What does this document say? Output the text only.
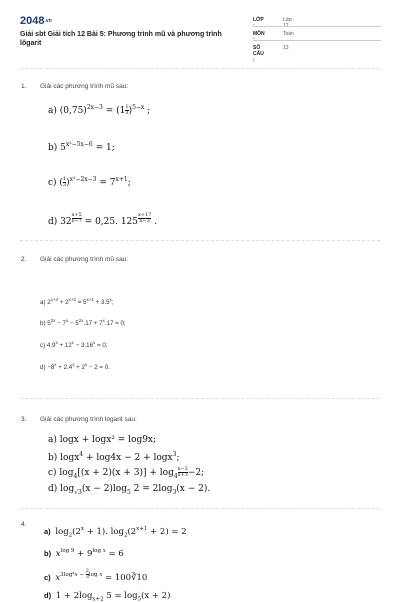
2048.vn
Giải sbt Giải tích 12 Bài 5: Phương trình mũ và phương trình lôgarit
LỚP :
Lớp 12
MÔN :
Toán
SỐ CÂU :
13
1. Giải các phương trình mũ sau:
a) $(0,75)^{2x-3} = (1 \frac{1}{3} )^{5-x}$ ;
b) $5^{x^2-5x-6} = 1$;
c) ( $\frac{1}{3} )^{x^2-2x-3} = 7^{x+1}$;
d) 32 $^{\frac{x+5}{x-7}}$ = 0,25. 125 $^{\frac{x+17}{x-3}}$ .
2. Giải các phương trình mũ sau:
a) $2^{x+4} + 2^{x+2} = 5^{x+1} + 3.5^x$;
b) $5^{2x} - 7^x - 5^{2x}.17 + 7^x.17 = 0$;
c) $4.9^x + 12^x - 3.16^x = 0$;
$d) -8^x + 2.4^x + 2^x - 2 = 0$.
3. Giải các phương trình logarit sau:
a) logx + logx² = log9x;
b) logx$^4$ + log4x − 2 + logx$^3$;
c) $\log_4[(x + 2)(x + 3)] + \log_4 \frac{x-2}{x+3} -2$;
d) $\log_{√3}(x - 2)\log_5$ $2 = 2\log_3(x - 2)$.
4.
a) $\log_2(2^x + 1)$. $\log_2(2^{x+1} + 2) = 2$
b) $x^{log 9} + 9^{log x} = 6$
c) $x^{3log^3x - \frac{2}{3} log x}$ = 100∛10
d) $1 + 2\log_{x+2}$ $5 = \log_5(x + 2)$
